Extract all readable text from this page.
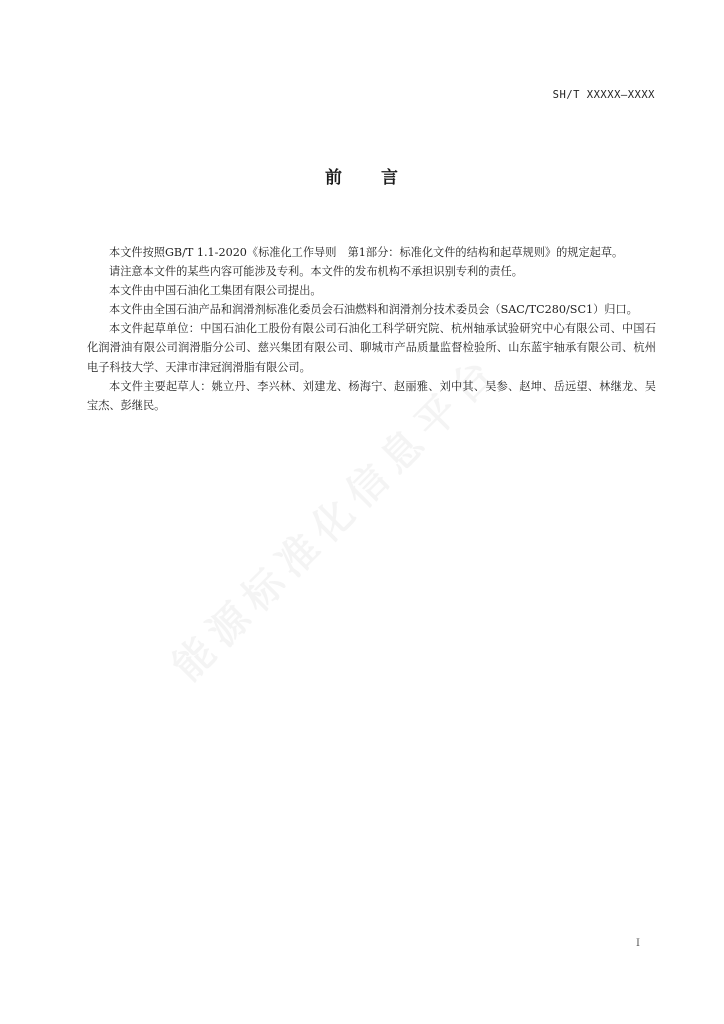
SH/T XXXXX—XXXX
前 言

本文件按照GB/T 1.1-2020《标准化工作导则　第1部分：标准化文件的结构和起草规则》的规定起草。

请注意本文件的某些内容可能涉及专利。本文件的发布机构不承担识别专利的责任。

本文件由中国石油化工集团有限公司提出。

本文件由全国石油产品和润滑剂标准化委员会石油燃料和润滑剂分技术委员会（SAC/TC280/SC1）归口。

本文件起草单位：中国石油化工股份有限公司石油化工科学研究院、杭州轴承试验研究中心有限公司、中国石化润滑油有限公司润滑脂分公司、慈兴集团有限公司、聊城市产品质量监督检验所、山东蓝宇轴承有限公司、杭州电子科技大学、天津市津冠润滑脂有限公司。

本文件主要起草人：姚立丹、李兴林、刘建龙、杨海宁、赵丽雅、刘中其、吴参、赵坤、岳远望、林继龙、吴宝杰、彭继民。

I
